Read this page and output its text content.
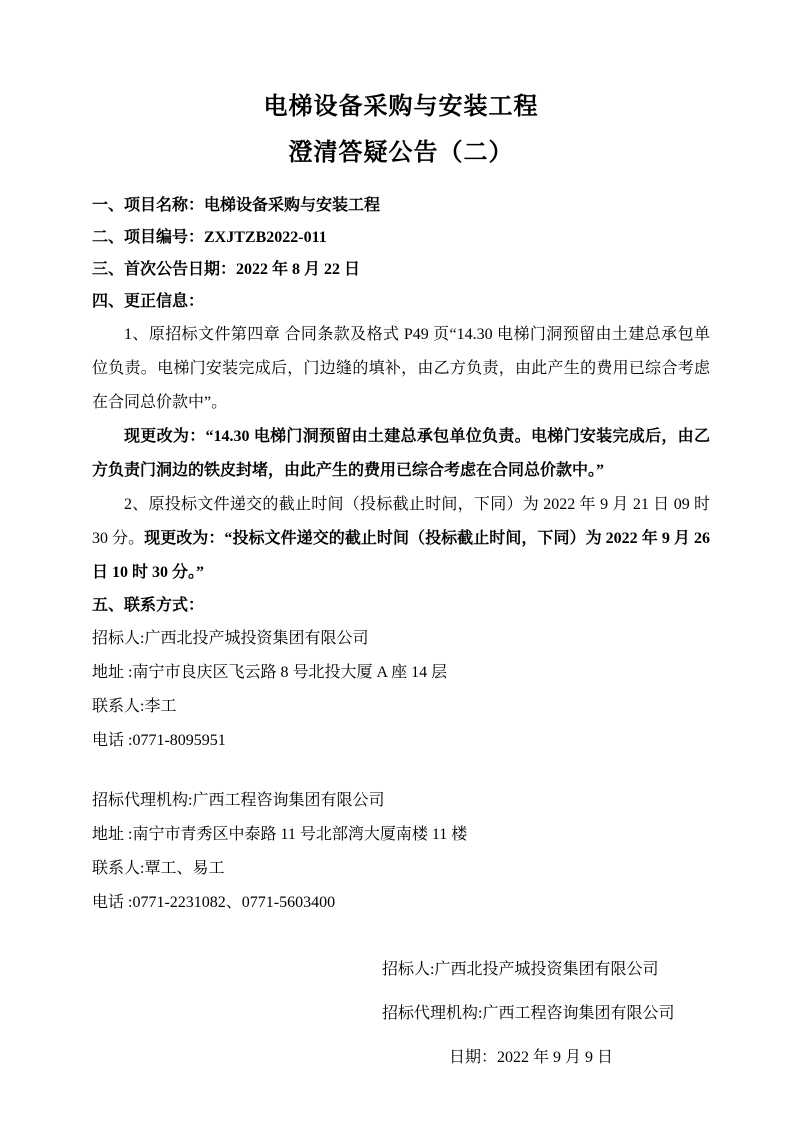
电梯设备采购与安装工程
澄清答疑公告（二）

一、项目名称：电梯设备采购与安装工程

二、项目编号：ZXJTZB2022-011

三、首次公告日期：2022 年 8 月 22 日

四、更正信息：

1、原招标文件第四章 合同条款及格式 P49 页“14.30 电梯门洞预留由土建总承包单位负责。电梯门安装完成后，门边缝的填补，由乙方负责，由此产生的费用已综合考虑在合同总价款中”。

现更改为：“14.30 电梯门洞预留由土建总承包单位负责。电梯门安装完成后，由乙方负责门洞边的铁皮封堵，由此产生的费用已综合考虑在合同总价款中。”

2、原投标文件递交的截止时间（投标截止时间，下同）为 2022 年 9 月 21 日 09 时 30 分。现更改为：“投标文件递交的截止时间（投标截止时间，下同）为 2022 年 9 月 26 日 10 时 30 分。”

五、联系方式：

招标人:广西北投产城投资集团有限公司

地址 :南宁市良庆区飞云路 8 号北投大厦 A 座 14 层

联系人:李工

电话 :0771-8095951

招标代理机构:广西工程咨询集团有限公司

地址 :南宁市青秀区中泰路 11 号北部湾大厦南楼 11 楼

联系人:覃工、易工

电话 :0771-2231082、0771-5603400

招标人:广西北投产城投资集团有限公司

招标代理机构:广西工程咨询集团有限公司

日期：2022 年 9 月 9 日
